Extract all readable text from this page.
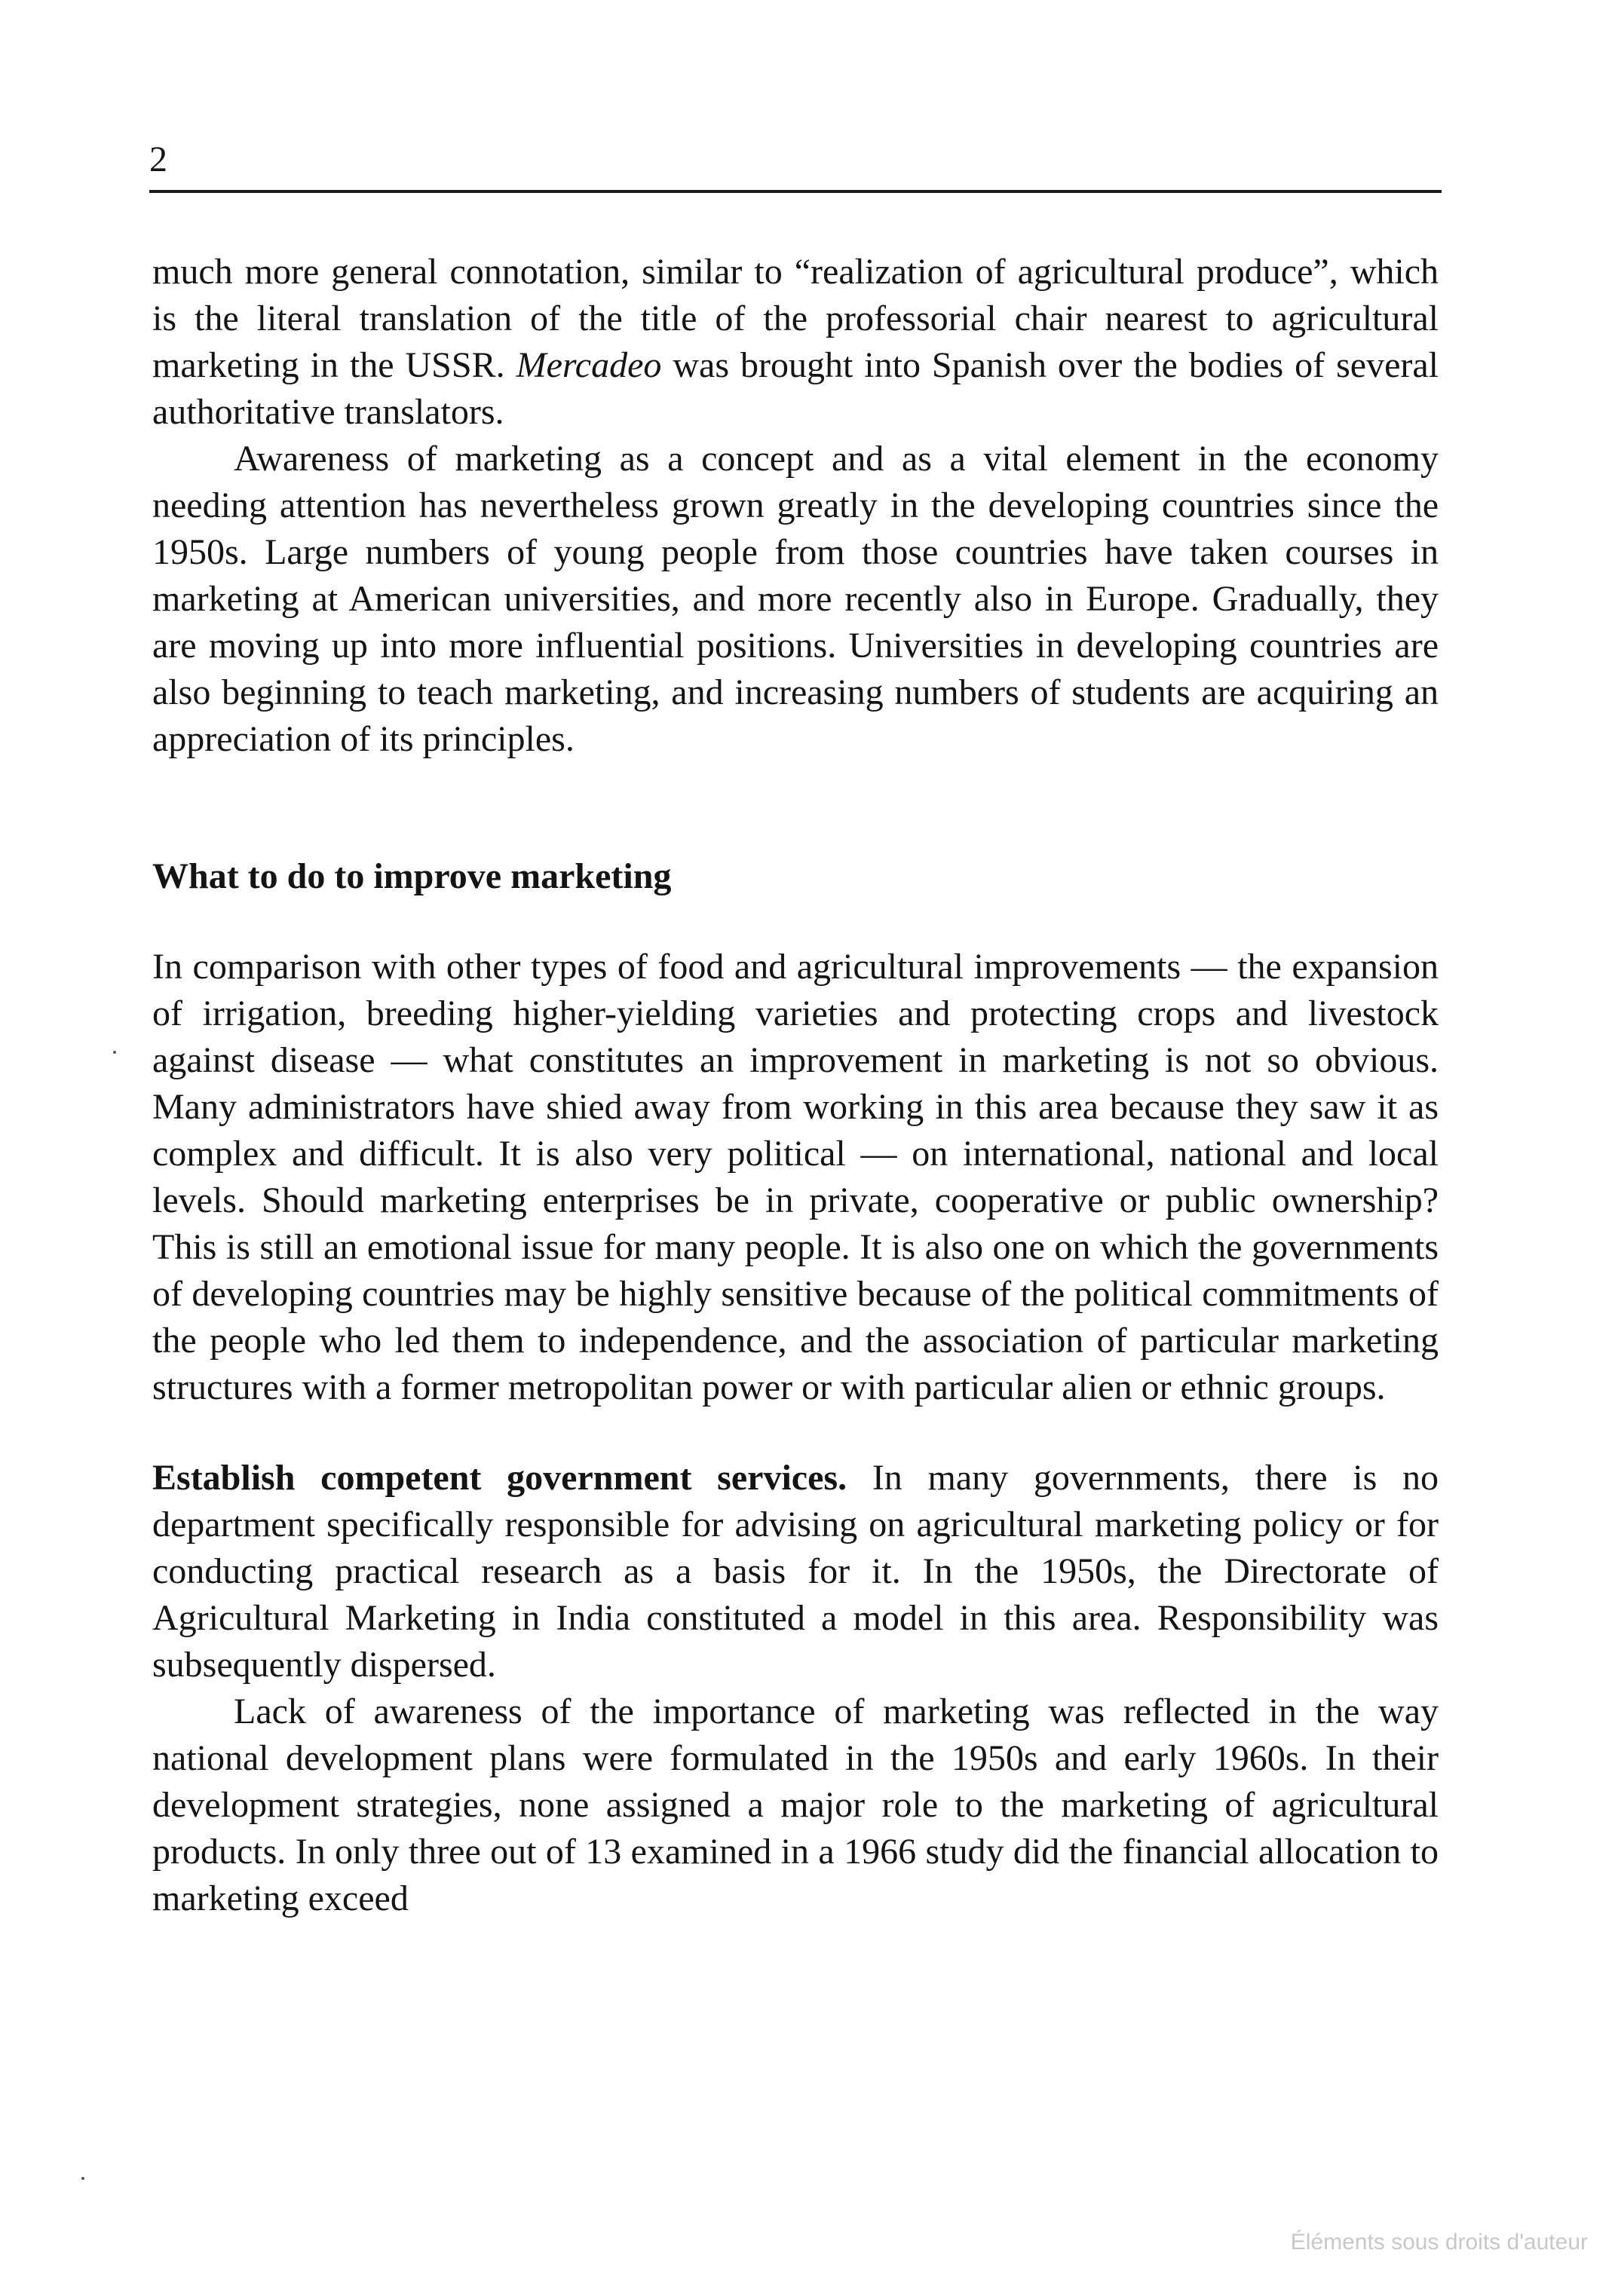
2

much more general connotation, similar to “realization of agricultural produce”, which is the literal translation of the title of the professorial chair nearest to agricultural marketing in the USSR. Mercadeo was brought into Spanish over the bodies of several authoritative translators.

Awareness of marketing as a concept and as a vital element in the economy needing attention has nevertheless grown greatly in the developing countries since the 1950s. Large numbers of young people from those countries have taken courses in marketing at American universities, and more recently also in Europe. Gradually, they are moving up into more influential positions. Universities in developing countries are also beginning to teach marketing, and increasing numbers of students are acquiring an appreciation of its principles.

What to do to improve marketing

In comparison with other types of food and agricultural improvements — the expansion of irrigation, breeding higher-yielding varieties and protecting crops and livestock against disease — what constitutes an improvement in marketing is not so obvious. Many administrators have shied away from working in this area because they saw it as complex and difficult. It is also very political — on international, national and local levels. Should marketing enterprises be in private, cooperative or public ownership? This is still an emotional issue for many people. It is also one on which the governments of developing countries may be highly sensitive because of the political commitments of the people who led them to independence, and the association of particular marketing structures with a former metropolitan power or with particular alien or ethnic groups.

Establish competent government services. In many governments, there is no department specifically responsible for advising on agricultural marketing policy or for conducting practical research as a basis for it. In the 1950s, the Directorate of Agricultural Marketing in India constituted a model in this area. Responsibility was subsequently dispersed.

Lack of awareness of the importance of marketing was reflected in the way national development plans were formulated in the 1950s and early 1960s. In their development strategies, none assigned a major role to the marketing of agricultural products. In only three out of 13 examined in a 1966 study did the financial allocation to marketing exceed

Éléments sous droits d'auteur
